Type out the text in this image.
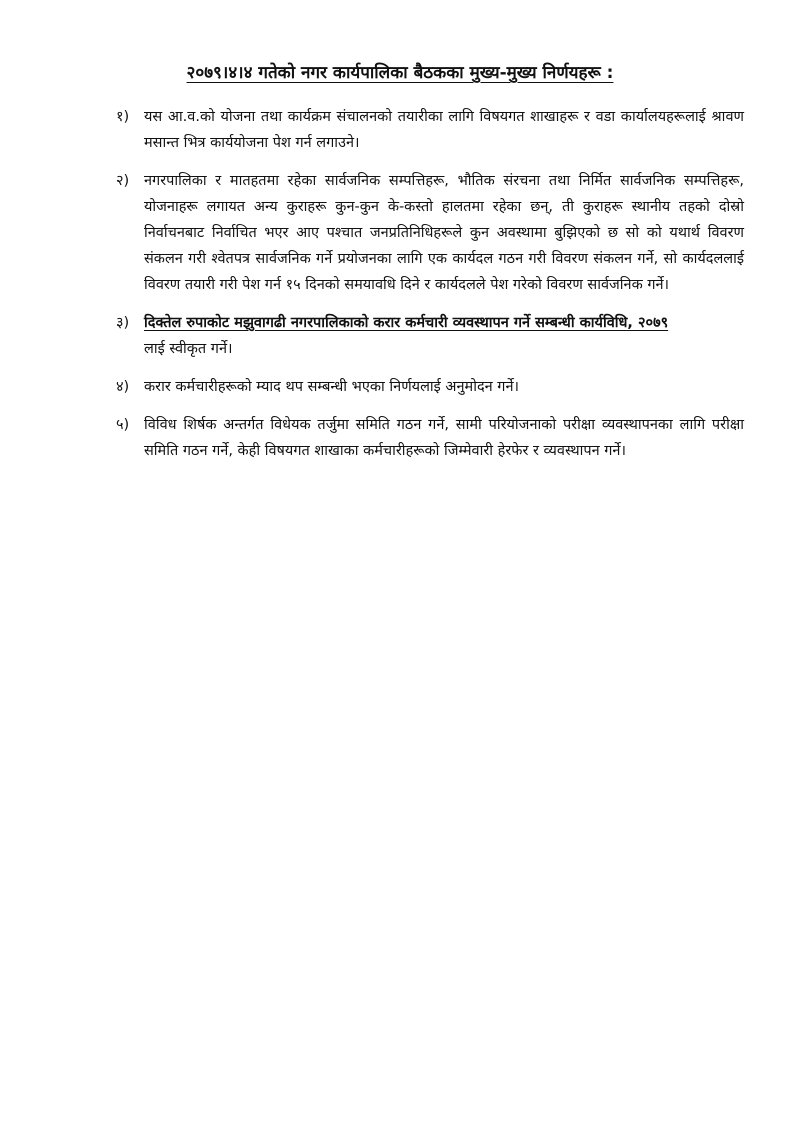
२०७९।४।४ गतेको नगर कार्यपालिका बैठकका मुख्य-मुख्य निर्णयहरू :
१)	यस आ.व.को योजना तथा कार्यक्रम संचालनको तयारीका लागि विषयगत शाखाहरू र वडा कार्यालयहरूलाई श्रावण मसान्त भित्र कार्ययोजना पेश गर्न लगाउने।
२)	नगरपालिका र मातहतमा रहेका सार्वजनिक सम्पत्तिहरू, भौतिक संरचना तथा निर्मित सार्वजनिक सम्पत्तिहरू, योजनाहरू लगायत अन्य कुराहरू कुन-कुन के-कस्तो हालतमा रहेका छन्, ती कुराहरू स्थानीय तहको दोस्रो निर्वाचनबाट निर्वाचित भएर आए पश्चात जनप्रतिनिधिहरूले कुन अवस्थामा बुझिएको छ सो को यथार्थ विवरण संकलन गरी श्वेतपत्र सार्वजनिक गर्ने प्रयोजनका लागि एक कार्यदल गठन गरी विवरण संकलन गर्ने, सो कार्यदललाई विवरण तयारी गरी पेश गर्न १५ दिनको समयावधि दिने र कार्यदलले पेश गरेको विवरण सार्वजनिक गर्ने।
३)	दिक्तेल रुपाकोट मझुवागढी नगरपालिकाको करार कर्मचारी व्यवस्थापन गर्ने सम्बन्धी कार्यविधि, २०७९
लाई स्वीकृत गर्ने।
४)	करार कर्मचारीहरूको म्याद थप सम्बन्धी भएका निर्णयलाई अनुमोदन गर्ने।
५)	विविध शिर्षक अन्तर्गत विधेयक तर्जुमा समिति गठन गर्ने, सामी परियोजनाको परीक्षा व्यवस्थापनका लागि परीक्षा समिति गठन गर्ने, केही विषयगत शाखाका कर्मचारीहरूको जिम्मेवारी हेरफेर र व्यवस्थापन गर्ने।
